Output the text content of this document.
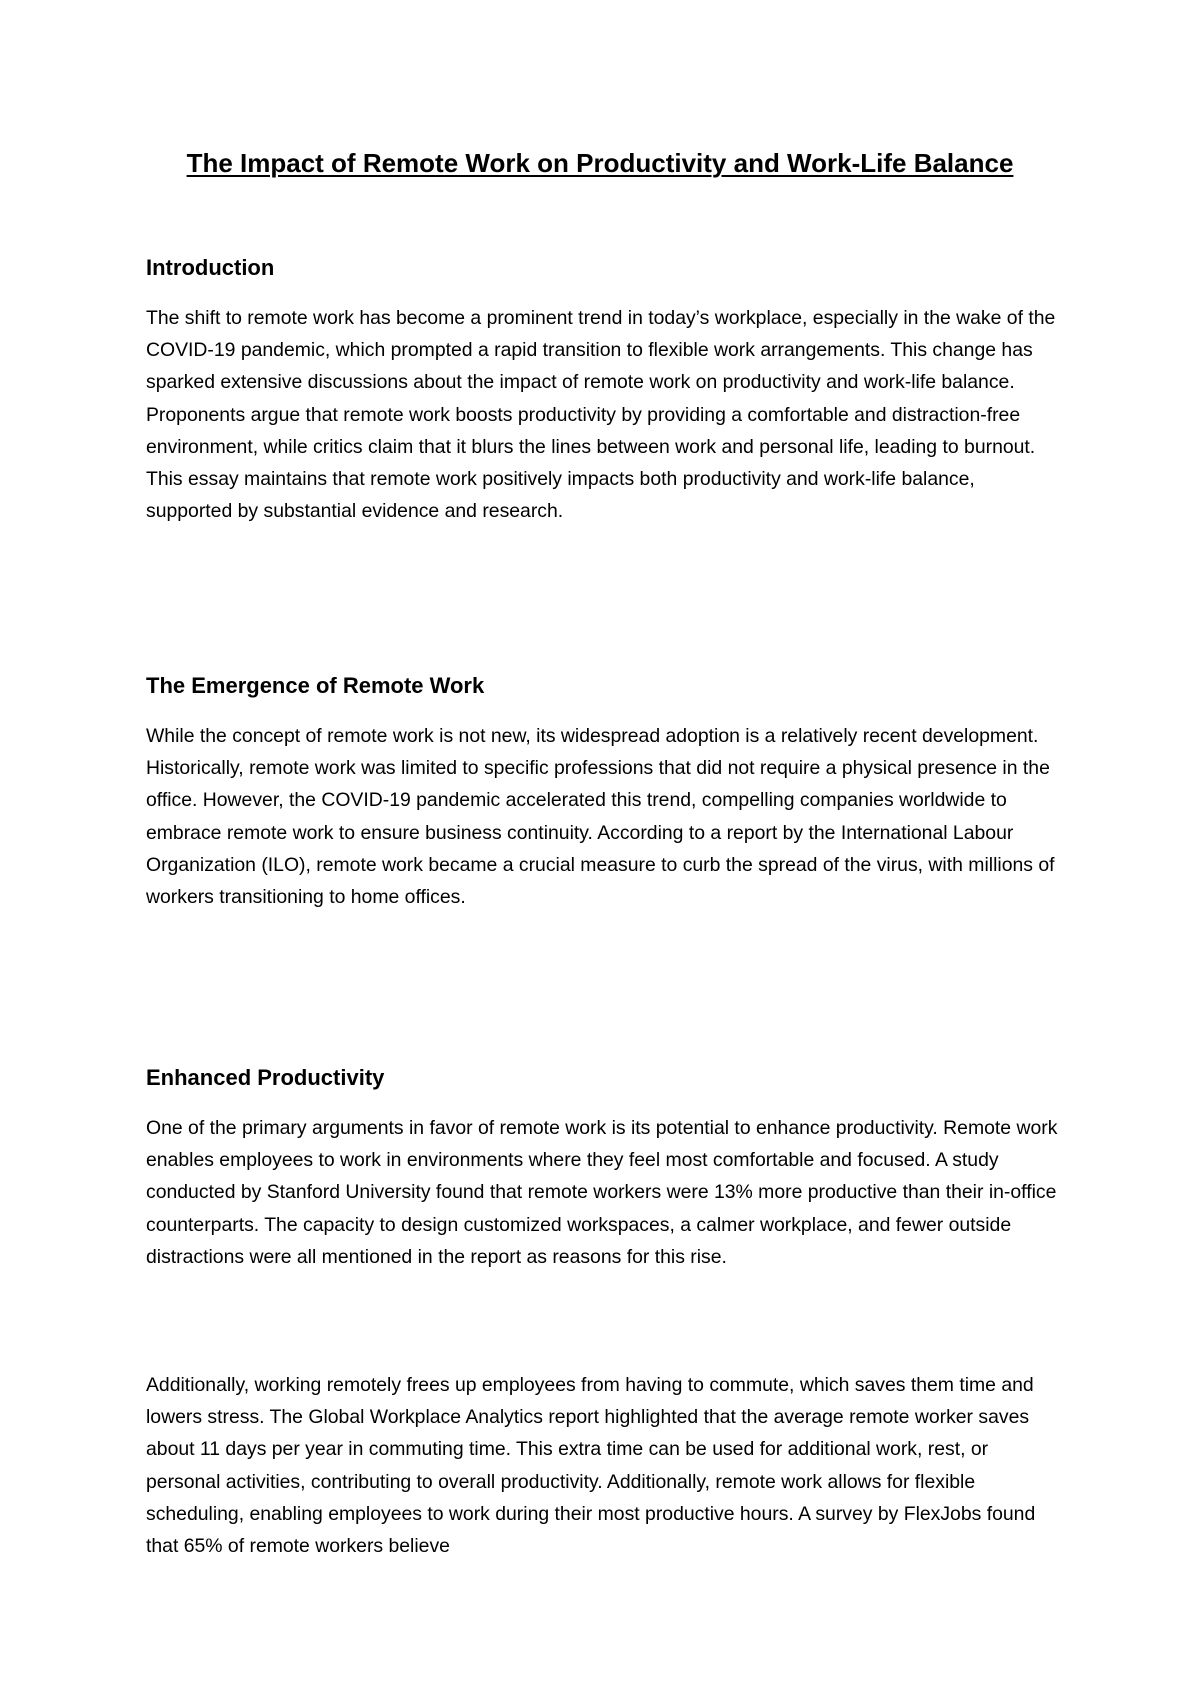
The Impact of Remote Work on Productivity and Work-Life Balance
Introduction

The shift to remote work has become a prominent trend in today’s workplace, especially in the wake of the COVID-19 pandemic, which prompted a rapid transition to flexible work arrangements. This change has sparked extensive discussions about the impact of remote work on productivity and work-life balance. Proponents argue that remote work boosts productivity by providing a comfortable and distraction-free environment, while critics claim that it blurs the lines between work and personal life, leading to burnout. This essay maintains that remote work positively impacts both productivity and work-life balance, supported by substantial evidence and research.

The Emergence of Remote Work

While the concept of remote work is not new, its widespread adoption is a relatively recent development. Historically, remote work was limited to specific professions that did not require a physical presence in the office. However, the COVID-19 pandemic accelerated this trend, compelling companies worldwide to embrace remote work to ensure business continuity. According to a report by the International Labour Organization (ILO), remote work became a crucial measure to curb the spread of the virus, with millions of workers transitioning to home offices.

Enhanced Productivity

One of the primary arguments in favor of remote work is its potential to enhance productivity. Remote work enables employees to work in environments where they feel most comfortable and focused. A study conducted by Stanford University found that remote workers were 13% more productive than their in-office counterparts. The capacity to design customized workspaces, a calmer workplace, and fewer outside distractions were all mentioned in the report as reasons for this rise.

Additionally, working remotely frees up employees from having to commute, which saves them time and lowers stress. The Global Workplace Analytics report highlighted that the average remote worker saves about 11 days per year in commuting time. This extra time can be used for additional work, rest, or personal activities, contributing to overall productivity. Additionally, remote work allows for flexible scheduling, enabling employees to work during their most productive hours. A survey by FlexJobs found that 65% of remote workers believe
